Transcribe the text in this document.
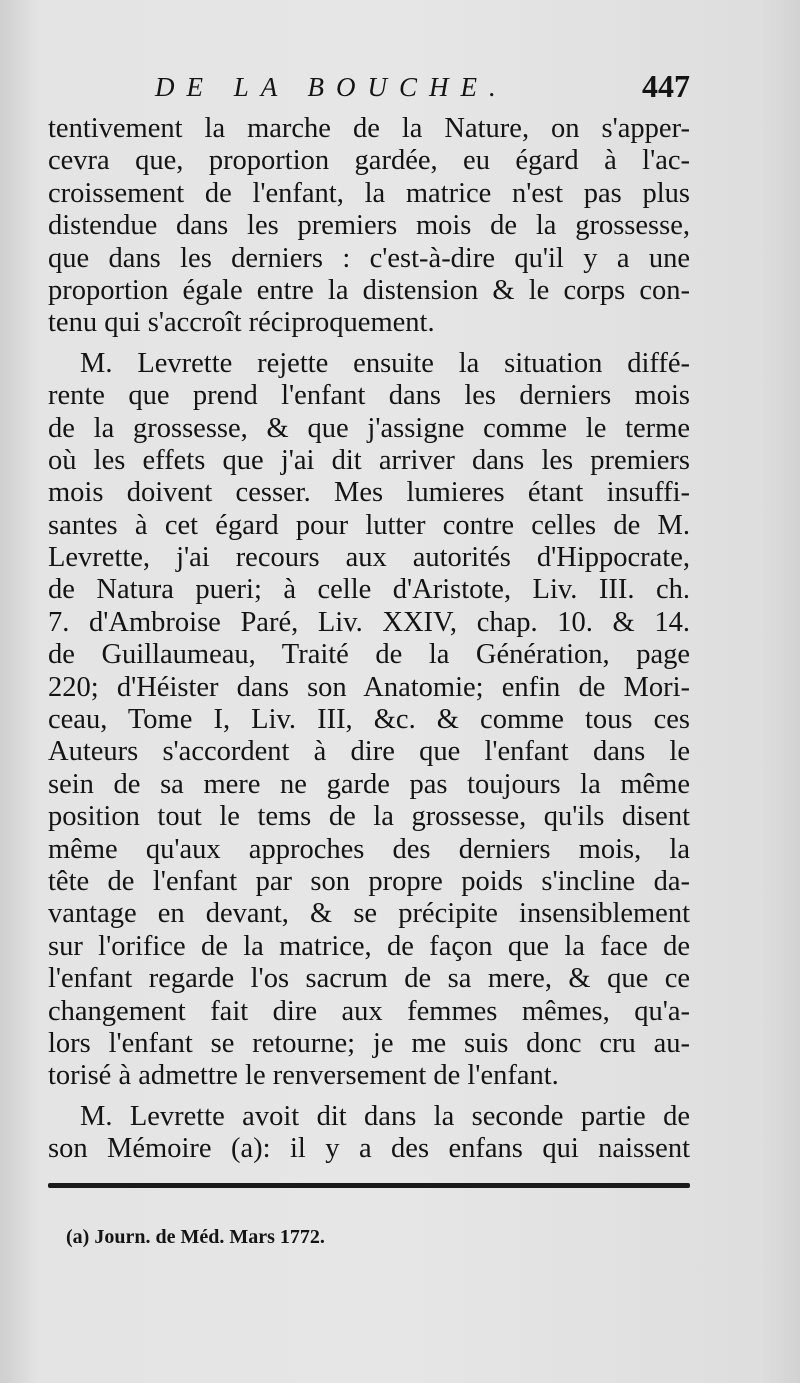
DE LA BOUCHE.	447
tentivement la marche de la Nature, on s'apper-
cevra que, proportion gardée, eu égard à l'ac-
croissement de l'enfant, la matrice n'est pas plus
distendue dans les premiers mois de la grossesse,
que dans les derniers : c'est-à-dire qu'il y a une
proportion égale entre la distension & le corps con-
tenu qui s'accroît réciproquement.
M. Levrette rejette ensuite la situation diffé-
rente que prend l'enfant dans les derniers mois
de la grossesse, & que j'assigne comme le terme
où les effets que j'ai dit arriver dans les premiers
mois doivent cesser. Mes lumieres étant insuffi-
santes à cet égard pour lutter contre celles de M.
Levrette, j'ai recours aux autorités d'Hippocrate,
de Natura pueri; à celle d'Aristote, Liv. III. ch.
7. d'Ambroise Paré, Liv. XXIV, chap. 10. & 14.
de Guillaumeau, Traité de la Génération, page
220; d'Héister dans son Anatomie; enfin de Mori-
ceau, Tome I, Liv. III, &c. & comme tous ces
Auteurs s'accordent à dire que l'enfant dans le
sein de sa mere ne garde pas toujours la même
position tout le tems de la grossesse, qu'ils disent
même qu'aux approches des derniers mois, la
tête de l'enfant par son propre poids s'incline da-
vantage en devant, & se précipite insensiblement
sur l'orifice de la matrice, de façon que la face de
l'enfant regarde l'os sacrum de sa mere, & que ce
changement fait dire aux femmes mêmes, qu'a-
lors l'enfant se retourne; je me suis donc cru au-
torisé à admettre le renversement de l'enfant.
M. Levrette avoit dit dans la seconde partie de
son Mémoire (a): il y a des enfans qui naissent
(a) Journ. de Méd. Mars 1772.
